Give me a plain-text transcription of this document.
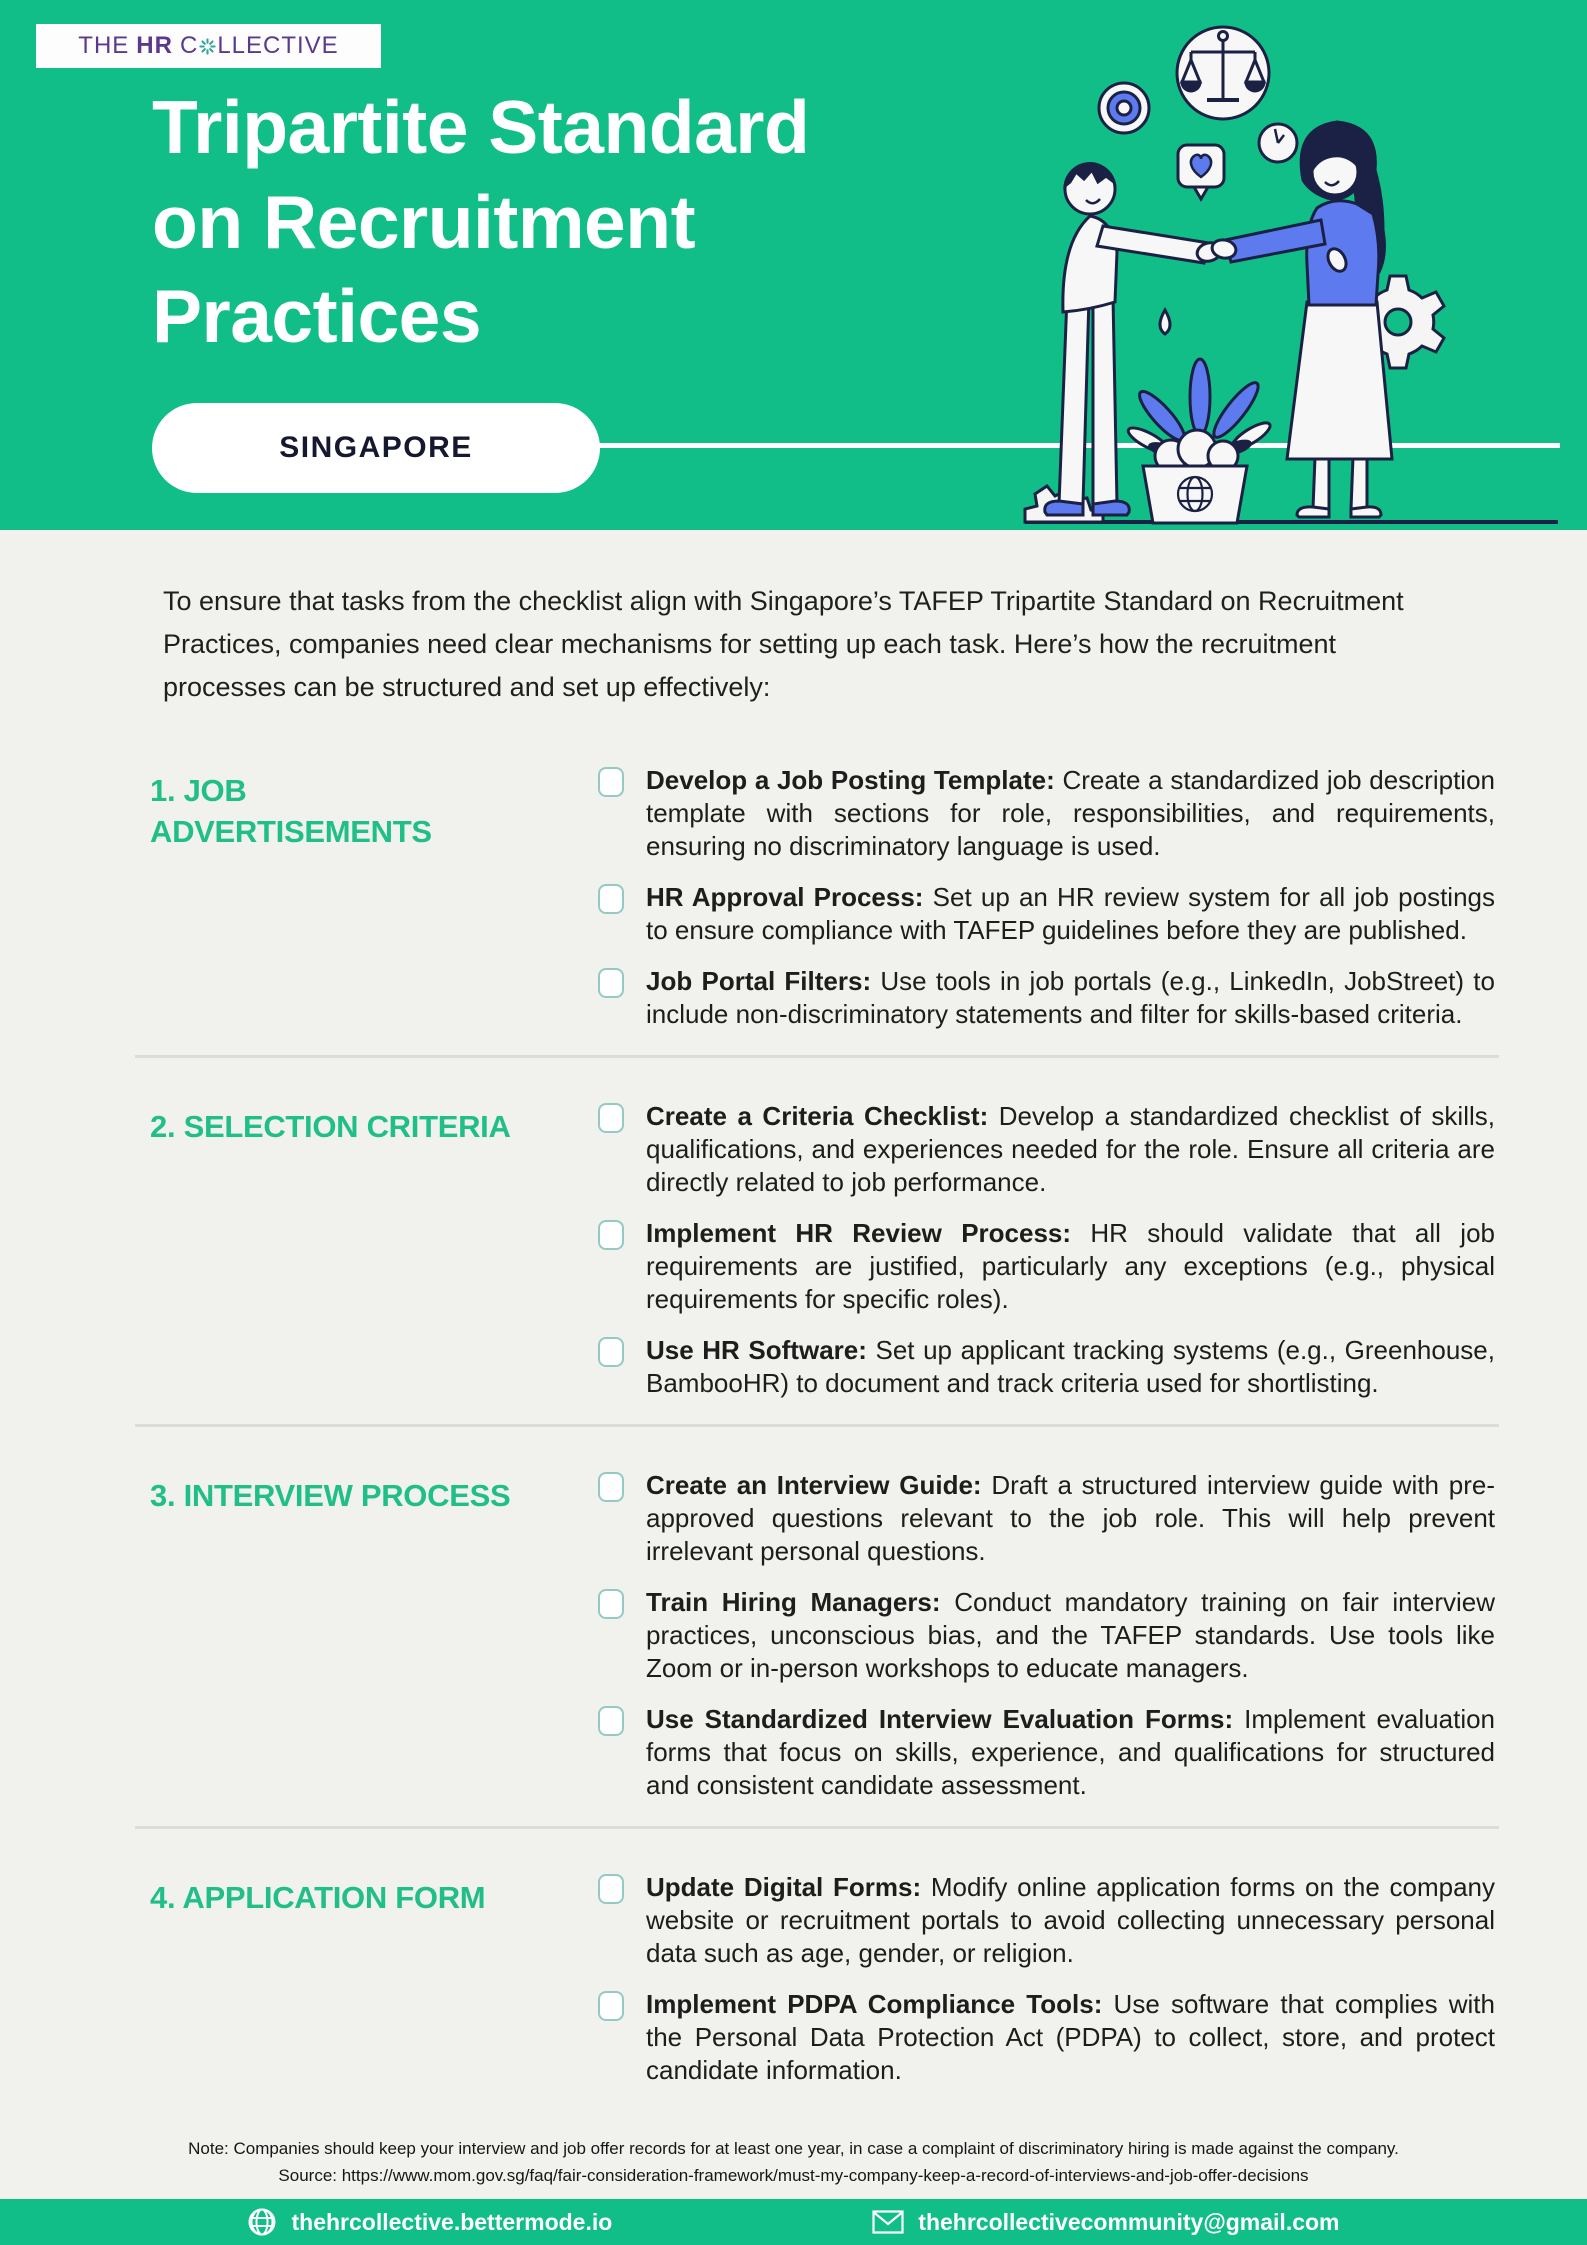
THE HR C LLECTIVE
Tripartite Standard
on Recruitment
Practices
SINGAPORE

To ensure that tasks from the checklist align with Singapore’s TAFEP Tripartite Standard on Recruitment Practices, companies need clear mechanisms for setting up each task. Here’s how the recruitment processes can be structured and set up effectively:

1. JOB ADVERTISEMENTS

Develop a Job Posting Template: Create a standardized job description template with sections for role, responsibilities, and requirements, ensuring no discriminatory language is used.

HR Approval Process: Set up an HR review system for all job postings to ensure compliance with TAFEP guidelines before they are published.

Job Portal Filters: Use tools in job portals (e.g., LinkedIn, JobStreet) to include non-discriminatory statements and filter for skills-based criteria.

2. SELECTION CRITERIA	Create a Criteria Checklist: Develop a standardized checklist of skills, qualifications, and experiences needed for the role. Ensure all criteria are directly related to job performance.

Implement HR Review Process: HR should validate that all job requirements are justified, particularly any exceptions (e.g., physical requirements for specific roles).

Use HR Software: Set up applicant tracking systems (e.g., Greenhouse, BambooHR) to document and track criteria used for shortlisting.

3. INTERVIEW PROCESS	Create an Interview Guide: Draft a structured interview guide with pre-approved questions relevant to the job role. This will help prevent irrelevant personal questions.

Train Hiring Managers: Conduct mandatory training on fair interview practices, unconscious bias, and the TAFEP standards. Use tools like Zoom or in-person workshops to educate managers.

Use Standardized Interview Evaluation Forms: Implement evaluation forms that focus on skills, experience, and qualifications for structured and consistent candidate assessment.

4. APPLICATION FORM	Update Digital Forms: Modify online application forms on the company website or recruitment portals to avoid collecting unnecessary personal data such as age, gender, or religion.

Implement PDPA Compliance Tools: Use software that complies with the Personal Data Protection Act (PDPA) to collect, store, and protect candidate information.

Note: Companies should keep your interview and job offer records for at least one year, in case a complaint of discriminatory hiring is made against the company.
Source: https://www.mom.gov.sg/faq/fair-consideration-framework/must-my-company-keep-a-record-of-interviews-and-job-offer-decisions
thehrcollective.bettermode.io	thehrcollectivecommunity@gmail.com
